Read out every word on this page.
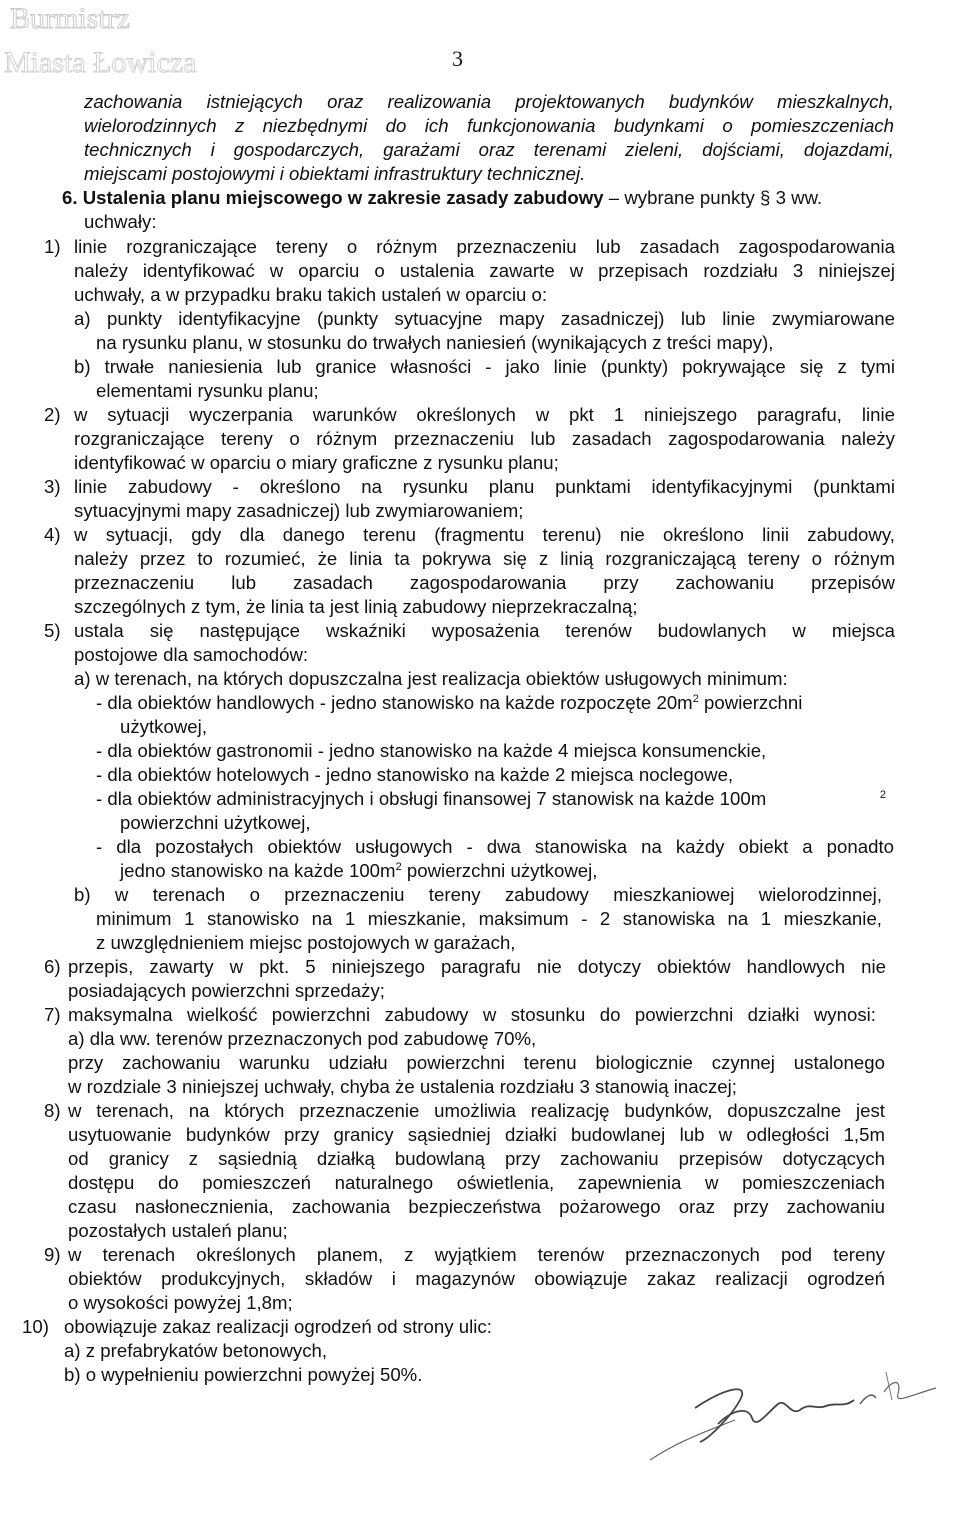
Burmistrz
Miasta Łowicza	3
zachowania istniejących oraz realizowania projektowanych budynków mieszkalnych,
wielorodzinnych z niezbędnymi do ich funkcjonowania budynkami o pomieszczeniach
technicznych i gospodarczych, garażami oraz terenami zieleni, dojściami, dojazdami,
miejscami postojowymi i obiektami infrastruktury technicznej.
6. Ustalenia planu miejscowego w zakresie zasady zabudowy – wybrane punkty § 3 ww.
uchwały:
1) linie rozgraniczające tereny o różnym przeznaczeniu lub zasadach zagospodarowania
należy identyfikować w oparciu o ustalenia zawarte w przepisach rozdziału 3 niniejszej
uchwały, a w przypadku braku takich ustaleń w oparciu o:
a) punkty identyfikacyjne (punkty sytuacyjne mapy zasadniczej) lub linie zwymiarowane
na rysunku planu, w stosunku do trwałych naniesień (wynikających z treści mapy),
b) trwałe naniesienia lub granice własności - jako linie (punkty) pokrywające się z tymi
elementami rysunku planu;
2) w sytuacji wyczerpania warunków określonych w pkt 1 niniejszego paragrafu, linie
rozgraniczające tereny o różnym przeznaczeniu lub zasadach zagospodarowania należy
identyfikować w oparciu o miary graficzne z rysunku planu;
3) linie zabudowy - określono na rysunku planu punktami identyfikacyjnymi (punktami
sytuacyjnymi mapy zasadniczej) lub zwymiarowaniem;
4) w sytuacji, gdy dla danego terenu (fragmentu terenu) nie określono linii zabudowy,
należy przez to rozumieć, że linia ta pokrywa się z linią rozgraniczającą tereny o różnym
przeznaczeniu lub zasadach zagospodarowania przy zachowaniu przepisów
szczególnych z tym, że linia ta jest linią zabudowy nieprzekraczalną;
5) ustala się następujące wskaźniki wyposażenia terenów budowlanych w miejsca
postojowe dla samochodów:
a) w terenach, na których dopuszczalna jest realizacja obiektów usługowych minimum:
- dla obiektów handlowych - jedno stanowisko na każde rozpoczęte $20m^2$ powierzchni
użytkowej,
- dla obiektów gastronomii - jedno stanowisko na każde 4 miejsca konsumenckie,
- dla obiektów hotelowych - jedno stanowisko na każde 2 miejsca noclegowe,
- dla obiektów administracyjnych i obsługi finansowej 7 stanowisk na każde 100m	2
powierzchni użytkowej,
- dla pozostałych obiektów usługowych - dwa stanowiska na każdy obiekt a ponadto
jedno stanowisko na każde $100m^2$ powierzchni użytkowej,
b) w terenach o przeznaczeniu tereny zabudowy mieszkaniowej wielorodzinnej,
minimum 1 stanowisko na 1 mieszkanie, maksimum - 2 stanowiska na 1 mieszkanie,
z uwzględnieniem miejsc postojowych w garażach,
6) przepis, zawarty w pkt. 5 niniejszego paragrafu nie dotyczy obiektów handlowych nie
posiadających powierzchni sprzedaży;
7) maksymalna wielkość powierzchni zabudowy w stosunku do powierzchni działki wynosi:
a) dla ww. terenów przeznaczonych pod zabudowę 70%,
przy zachowaniu warunku udziału powierzchni terenu biologicznie czynnej ustalonego
w rozdziale 3 niniejszej uchwały, chyba że ustalenia rozdziału 3 stanowią inaczej;
8) w terenach, na których przeznaczenie umożliwia realizację budynków, dopuszczalne jest
usytuowanie budynków przy granicy sąsiedniej działki budowlanej lub w odległości 1,5m
od granicy z sąsiednią działką budowlaną przy zachowaniu przepisów dotyczących
dostępu do pomieszczeń naturalnego oświetlenia, zapewnienia w pomieszczeniach
czasu nasłonecznienia, zachowania bezpieczeństwa pożarowego oraz przy zachowaniu
pozostałych ustaleń planu;
9) w terenach określonych planem, z wyjątkiem terenów przeznaczonych pod tereny
obiektów produkcyjnych, składów i magazynów obowiązuje zakaz realizacji ogrodzeń
o wysokości powyżej 1,8m;
10) obowiązuje zakaz realizacji ogrodzeń od strony ulic:
a) z prefabrykatów betonowych,
b) o wypełnieniu powierzchni powyżej 50%.
